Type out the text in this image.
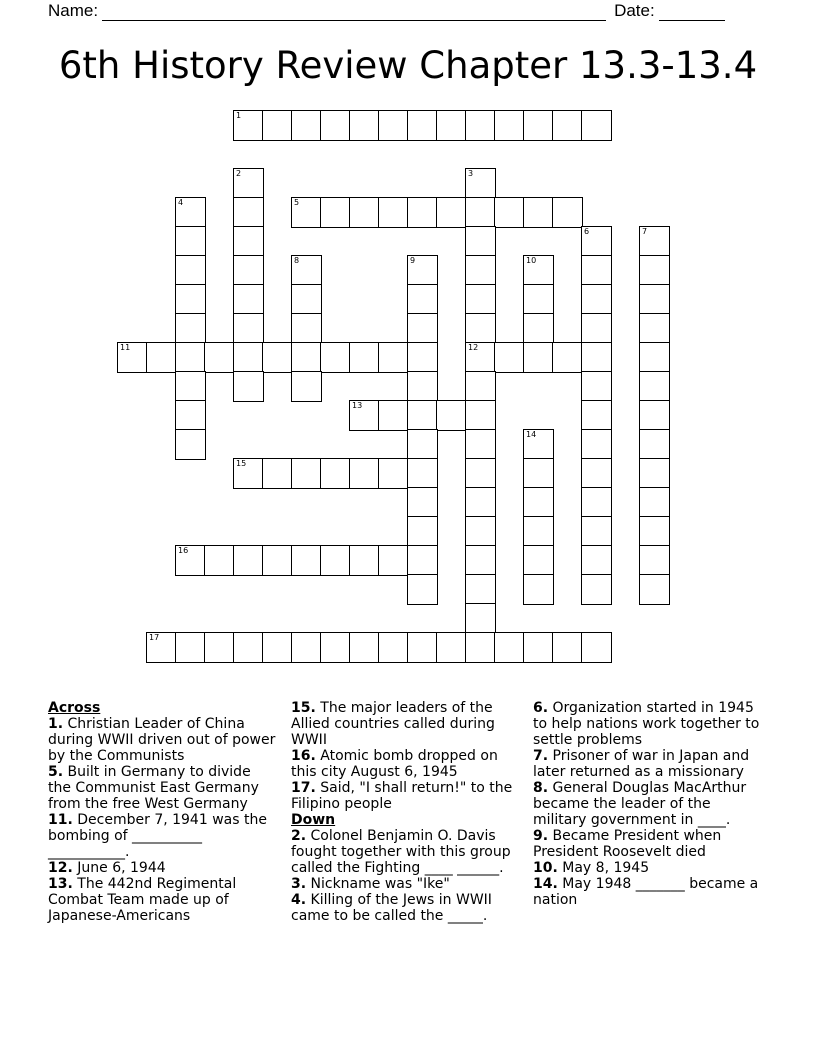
Name:	Date:
6th History Review Chapter 13.3-13.4
1
2	3
4	5
6	7
8	9	10
11	12
13
14
15
16
17
Across

1. Christian Leader of China during WWII driven out of power by the Communists

5. Built in Germany to divide the Communist East Germany from the free West Germany

11. December 7, 1941 was the bombing of __________ ___________.

12. June 6, 1944

13. The 442nd Regimental Combat Team made up of Japanese-Americans

15. The major leaders of the Allied countries called during WWII

16. Atomic bomb dropped on this city August 6, 1945

17. Said, "I shall return!" to the Filipino people

Down

2. Colonel Benjamin O. Davis fought together with this group called the Fighting ____ ______.

3. Nickname was "Ike"

4. Killing of the Jews in WWII came to be called the _____.

6. Organization started in 1945 to help nations work together to settle problems

7. Prisoner of war in Japan and later returned as a missionary

8. General Douglas MacArthur became the leader of the military government in ____.

9. Became President when President Roosevelt died

10. May 8, 1945

14. May 1948 _______ became a nation
